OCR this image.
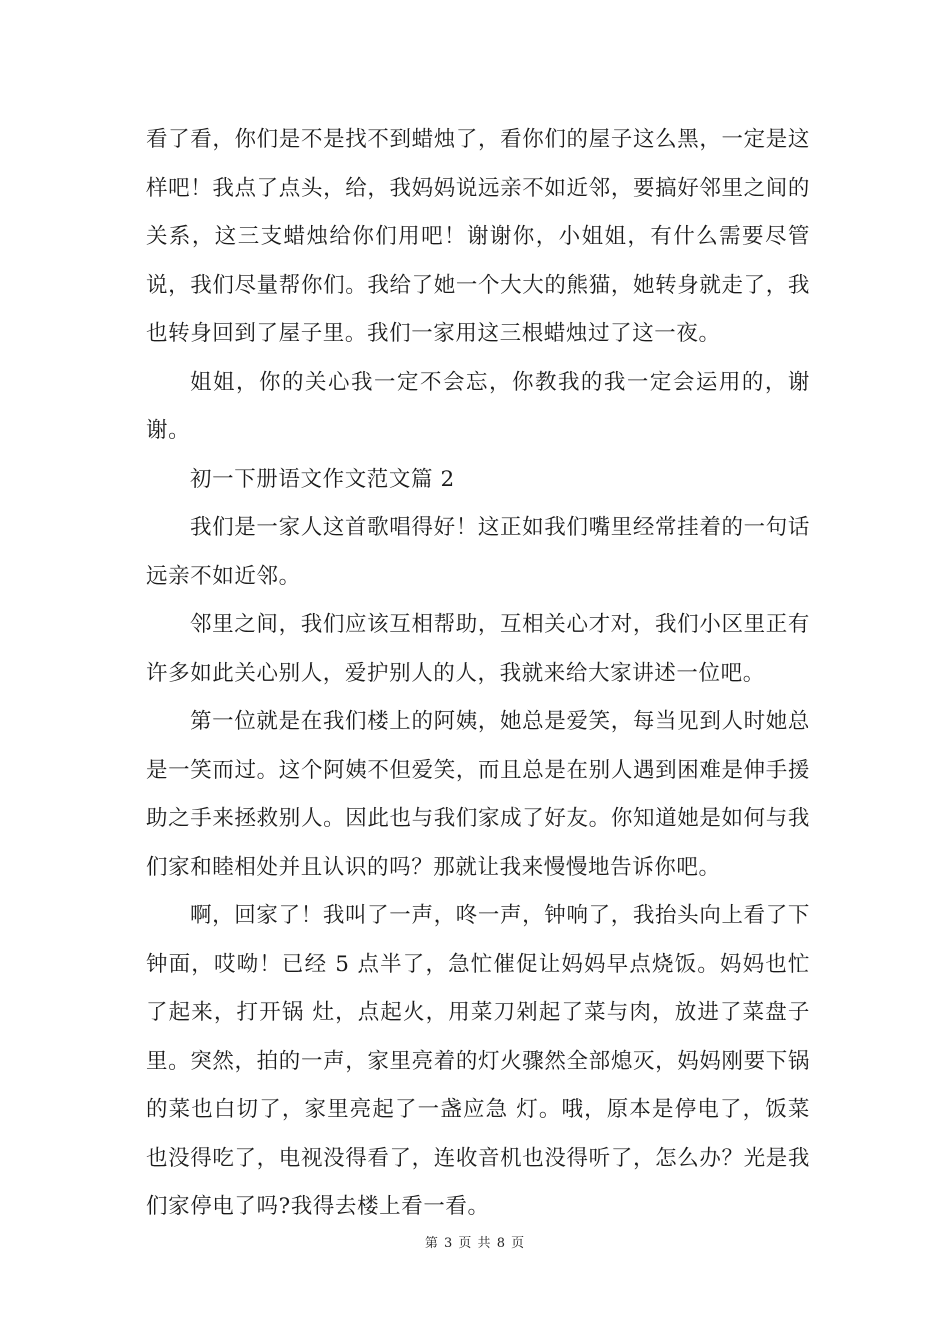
看了看，你们是不是找不到蜡烛了，看你们的屋子这么黑，一定是这样吧！我点了点头，给，我妈妈说远亲不如近邻，要搞好邻里之间的关系，这三支蜡烛给你们用吧！谢谢你，小姐姐，有什么需要尽管说，我们尽量帮你们。我给了她一个大大的熊猫，她转身就走了，我也转身回到了屋子里。我们一家用这三根蜡烛过了这一夜。

姐姐，你的关心我一定不会忘，你教我的我一定会运用的，谢谢。

初一下册语文作文范文篇 2

我们是一家人这首歌唱得好！这正如我们嘴里经常挂着的一句话远亲不如近邻。

邻里之间，我们应该互相帮助，互相关心才对，我们小区里正有许多如此关心别人，爱护别人的人，我就来给大家讲述一位吧。

第一位就是在我们楼上的阿姨，她总是爱笑，每当见到人时她总是一笑而过。这个阿姨不但爱笑，而且总是在别人遇到困难是伸手援助之手来拯救别人。因此也与我们家成了好友。你知道她是如何与我们家和睦相处并且认识的吗？那就让我来慢慢地告诉你吧。

啊，回家了！我叫了一声，咚一声，钟响了，我抬头向上看了下钟面，哎呦！已经 5 点半了，急忙催促让妈妈早点烧饭。妈妈也忙了起来，打开锅 灶，点起火，用菜刀剁起了菜与肉，放进了菜盘子里。突然，拍的一声，家里亮着的灯火骤然全部熄灭，妈妈刚要下锅的菜也白切了，家里亮起了一盏应急 灯。哦，原本是停电了，饭菜也没得吃了，电视没得看了，连收音机也没得听了，怎么办？光是我们家停电了吗?我得去楼上看一看。

第 3 页 共 8 页
